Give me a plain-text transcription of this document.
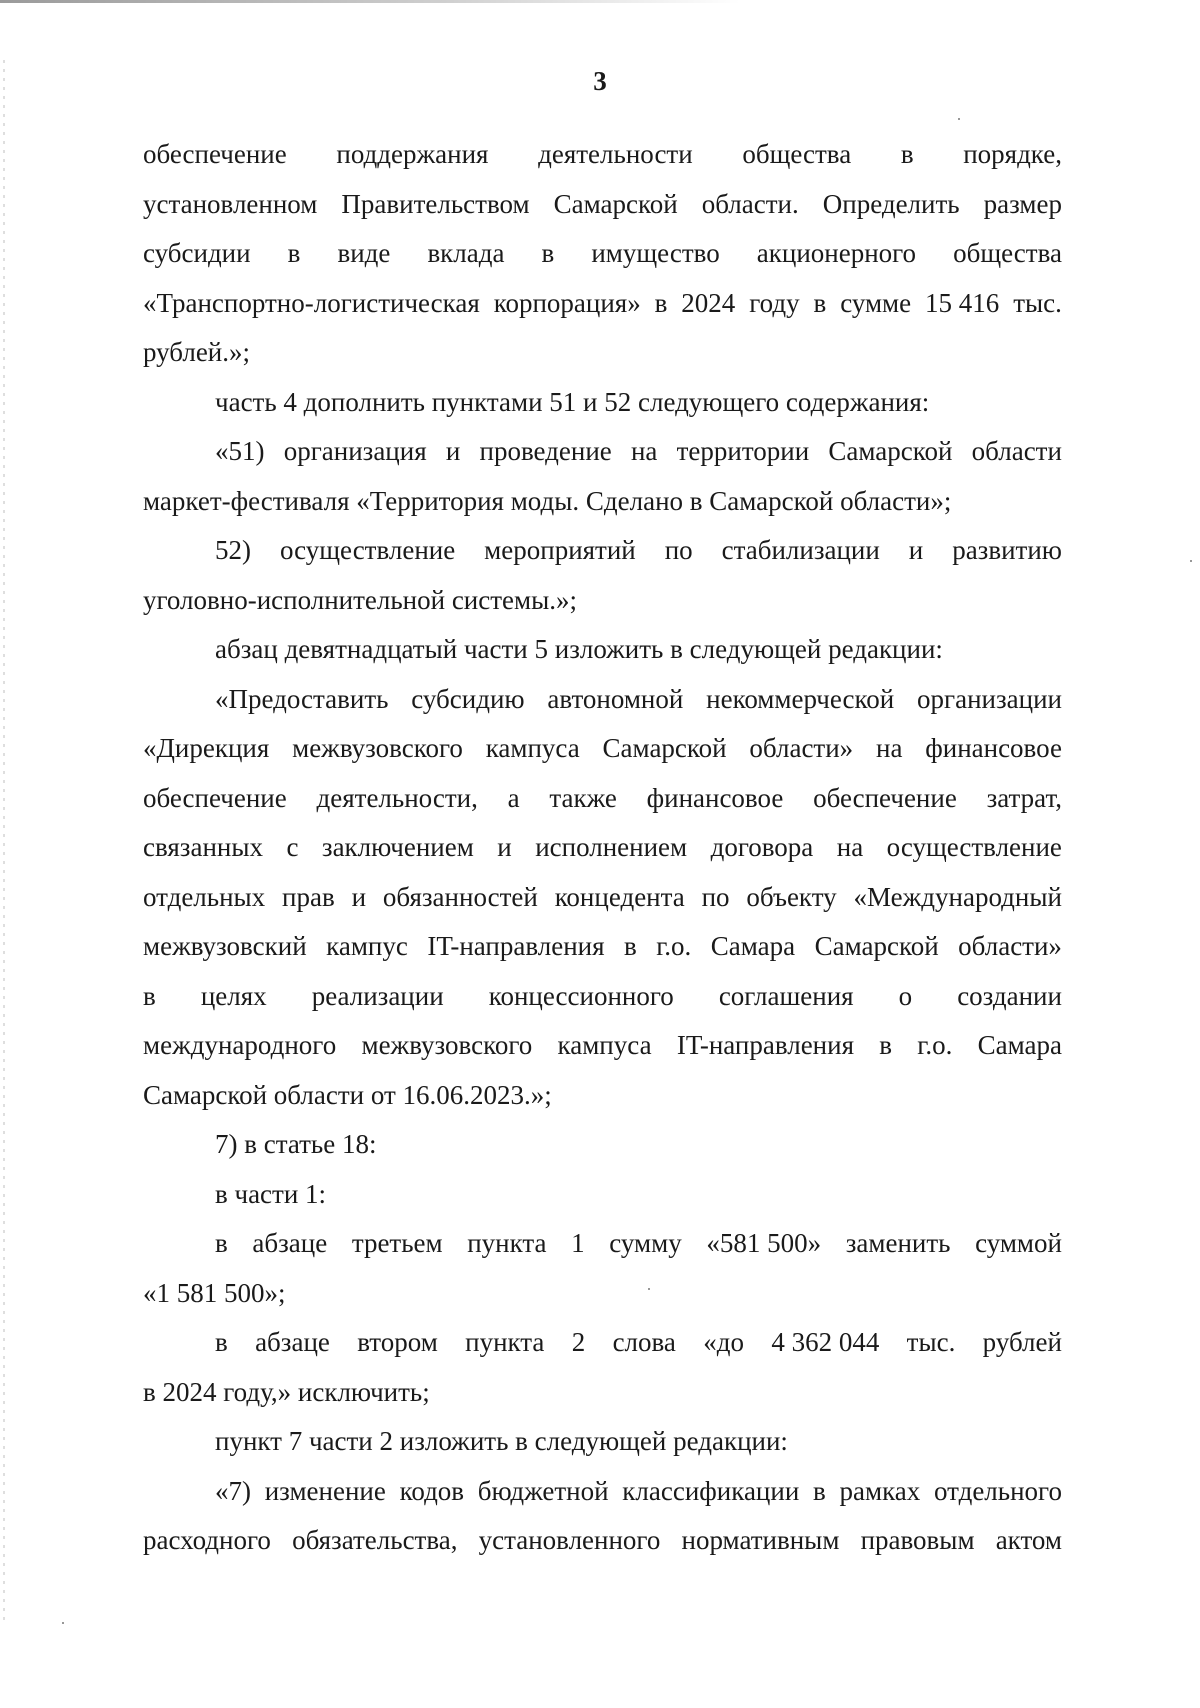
3
обеспечение поддержания деятельности общества в порядке,
установленном Правительством Самарской области. Определить размер
субсидии в виде вклада в имущество акционерного общества
«Транспортно-логистическая корпорация» в 2024 году в сумме 15 416 тыс.
рублей.»;
часть 4 дополнить пунктами 51 и 52 следующего содержания:
«51) организация и проведение на территории Самарской области
маркет-фестиваля «Территория моды. Сделано в Самарской области»;
52) осуществление мероприятий по стабилизации и развитию
уголовно-исполнительной системы.»;
абзац девятнадцатый части 5 изложить в следующей редакции:
«Предоставить субсидию автономной некоммерческой организации
«Дирекция межвузовского кампуса Самарской области» на финансовое
обеспечение деятельности, а также финансовое обеспечение затрат,
связанных с заключением и исполнением договора на осуществление
отдельных прав и обязанностей концедента по объекту «Международный
межвузовский кампус IT-направления в г.о. Самара Самарской области»
в целях реализации концессионного соглашения о создании
международного межвузовского кампуса IT-направления в г.о. Самара
Самарской области от 16.06.2023.»;
7) в статье 18:
в части 1:
в абзаце третьем пункта 1 сумму «581 500» заменить суммой
«1 581 500»;
в абзаце втором пункта 2 слова «до 4 362 044 тыс. рублей
в 2024 году,» исключить;
пункт 7 части 2 изложить в следующей редакции:
«7) изменение кодов бюджетной классификации в рамках отдельного
расходного обязательства, установленного нормативным правовым актом
